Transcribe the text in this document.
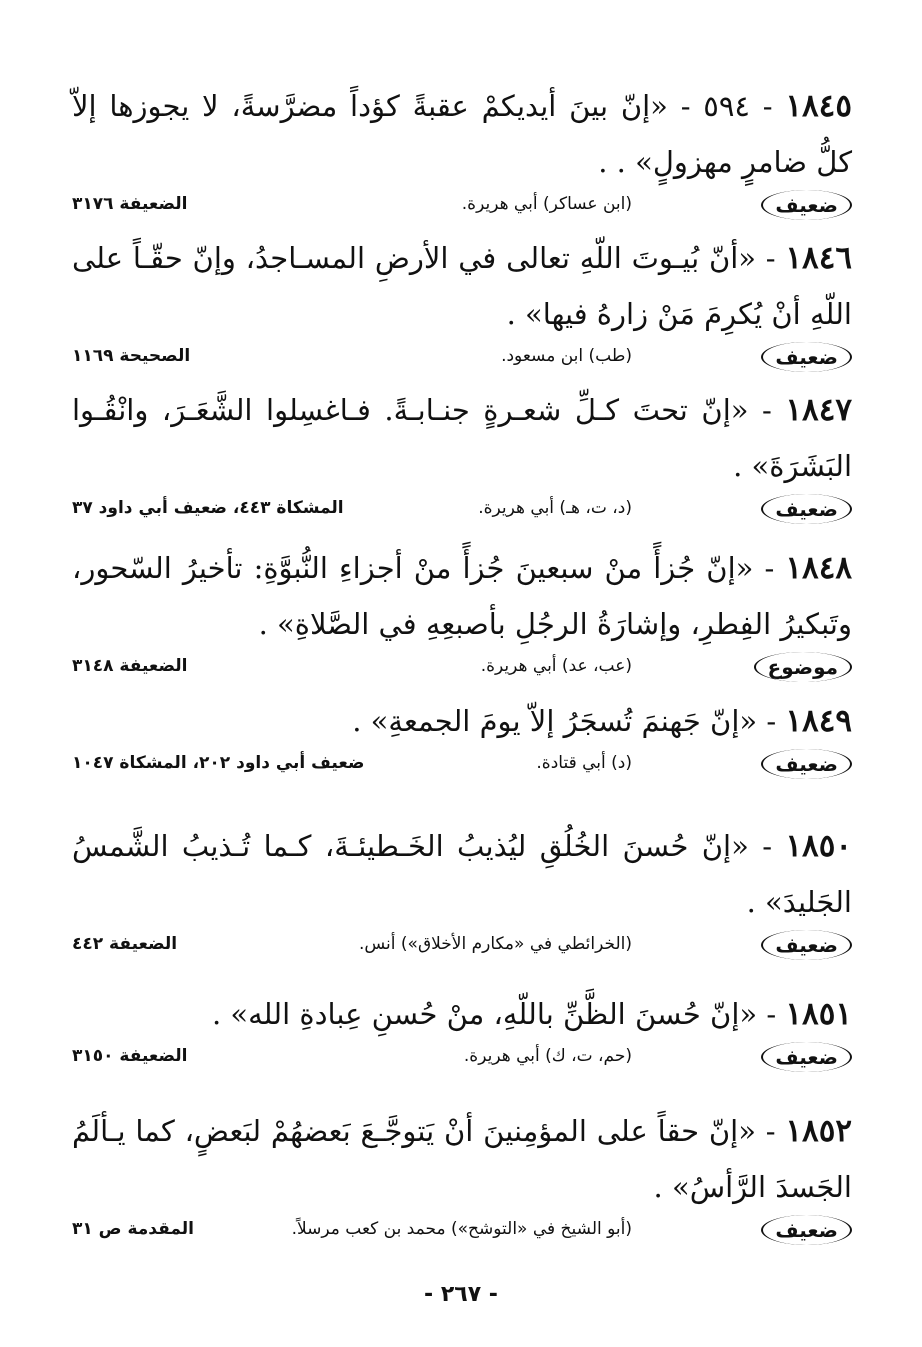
١٨٤٥ - ٥٩٤ - «إنّ بينَ أيديكمْ عقبةً كؤداً مضرَّسةً، لا يجوزها إلاّ كلُّ ضامرٍ مهزولٍ» . .

ضعيف
(ابن عساكر) أبي هريرة.
الضعيفة ٣١٧٦

١٨٤٦ - «أنّ بُيـوتَ اللّهِ تعالى في الأرضِ المسـاجدُ، وإنّ حقّـاً على اللّهِ أنْ يُكرِمَ مَنْ زارهُ فيها» .

ضعيف
(طب) ابن مسعود.
الصحيحة ١١٦٩

١٨٤٧ - «إنّ تحتَ كـلِّ شعـرةٍ جنـابـةً. فـاغسِلوا الشَّعَـرَ، وانْقُـوا البَشَرَةَ» .

ضعيف
(د، ت، هـ) أبي هريرة.
المشكاة ٤٤٣، ضعيف أبي داود ٣٧

١٨٤٨ - «إنّ جُزأً منْ سبعينَ جُزأً منْ أجزاءِ النُّبوَّةِ: تأخيرُ السّحور، وتَبكيرُ الفِطرِ، وإشارَةُ الرجُلِ بأصبعِهِ في الصَّلاةِ» .

موضوع
(عب، عد) أبي هريرة.
الضعيفة ٣١٤٨

١٨٤٩ - «إنّ جَهنمَ تُسجَرُ إلاّ يومَ الجمعةِ» .

ضعيف
(د) أبي قتادة.
ضعيف أبي داود ٢٠٢، المشكاة ١٠٤٧

١٨٥٠ - «إنّ حُسنَ الخُلُقِ ليُذيبُ الخَـطيئـةَ، كـما تُـذيبُ الشَّمسُ الجَليدَ» .

ضعيف
(الخرائطي في «مكارم الأخلاق») أنس.
الضعيفة ٤٤٢

١٨٥١ - «إنّ حُسنَ الظَّنِّ باللّهِ، منْ حُسنِ عِبادةِ الله» .

ضعيف
(حم، ت، ك) أبي هريرة.
الضعيفة ٣١٥٠

١٨٥٢ - «إنّ حقاً على المؤمِنينَ أنْ يَتوجَّـعَ بَعضهُمْ لبَعضٍ، كما يـألَمُ الجَسدَ الرَّأسُ» .

ضعيف
(أبو الشيخ في «التوشح») محمد بن كعب مرسلاً.
المقدمة ص ٣١
- ٢٦٧ -
